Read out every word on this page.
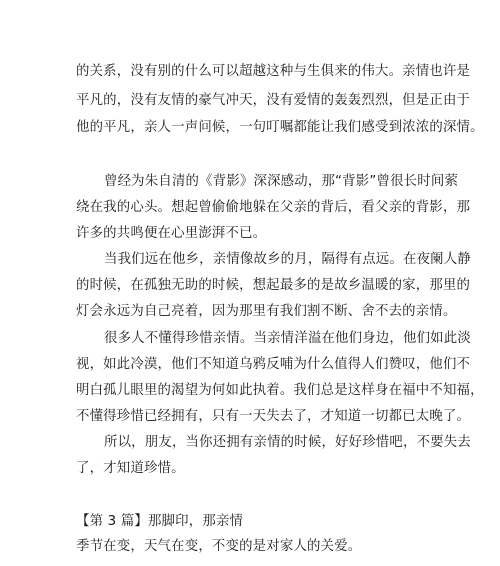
的关系，没有别的什么可以超越这种与生俱来的伟大。亲情也许是
平凡的，没有友情的豪气冲天，没有爱情的轰轰烈烈，但是正由于
他的平凡，亲人一声问候，一句叮嘱都能让我们感受到浓浓的深情。
曾经为朱自清的《背影》深深感动，那“背影”曾很长时间萦
绕在我的心头。想起曾偷偷地躲在父亲的背后，看父亲的背影，那
许多的共鸣便在心里澎湃不已。
当我们远在他乡，亲情像故乡的月，隔得有点远。在夜阑人静
的时候，在孤独无助的时候，想起最多的是故乡温暖的家，那里的
灯会永远为自己亮着，因为那里有我们割不断、舍不去的亲情。
很多人不懂得珍惜亲情。当亲情洋溢在他们身边，他们如此淡
视，如此冷漠，他们不知道乌鸦反哺为什么值得人们赞叹，他们不
明白孤儿眼里的渴望为何如此执着。我们总是这样身在福中不知福，
不懂得珍惜已经拥有，只有一天失去了，才知道一切都已太晚了。
所以，朋友，当你还拥有亲情的时候，好好珍惜吧，不要失去
了，才知道珍惜。
【第 3 篇】那脚印，那亲情
季节在变，天气在变，不变的是对家人的关爱。
